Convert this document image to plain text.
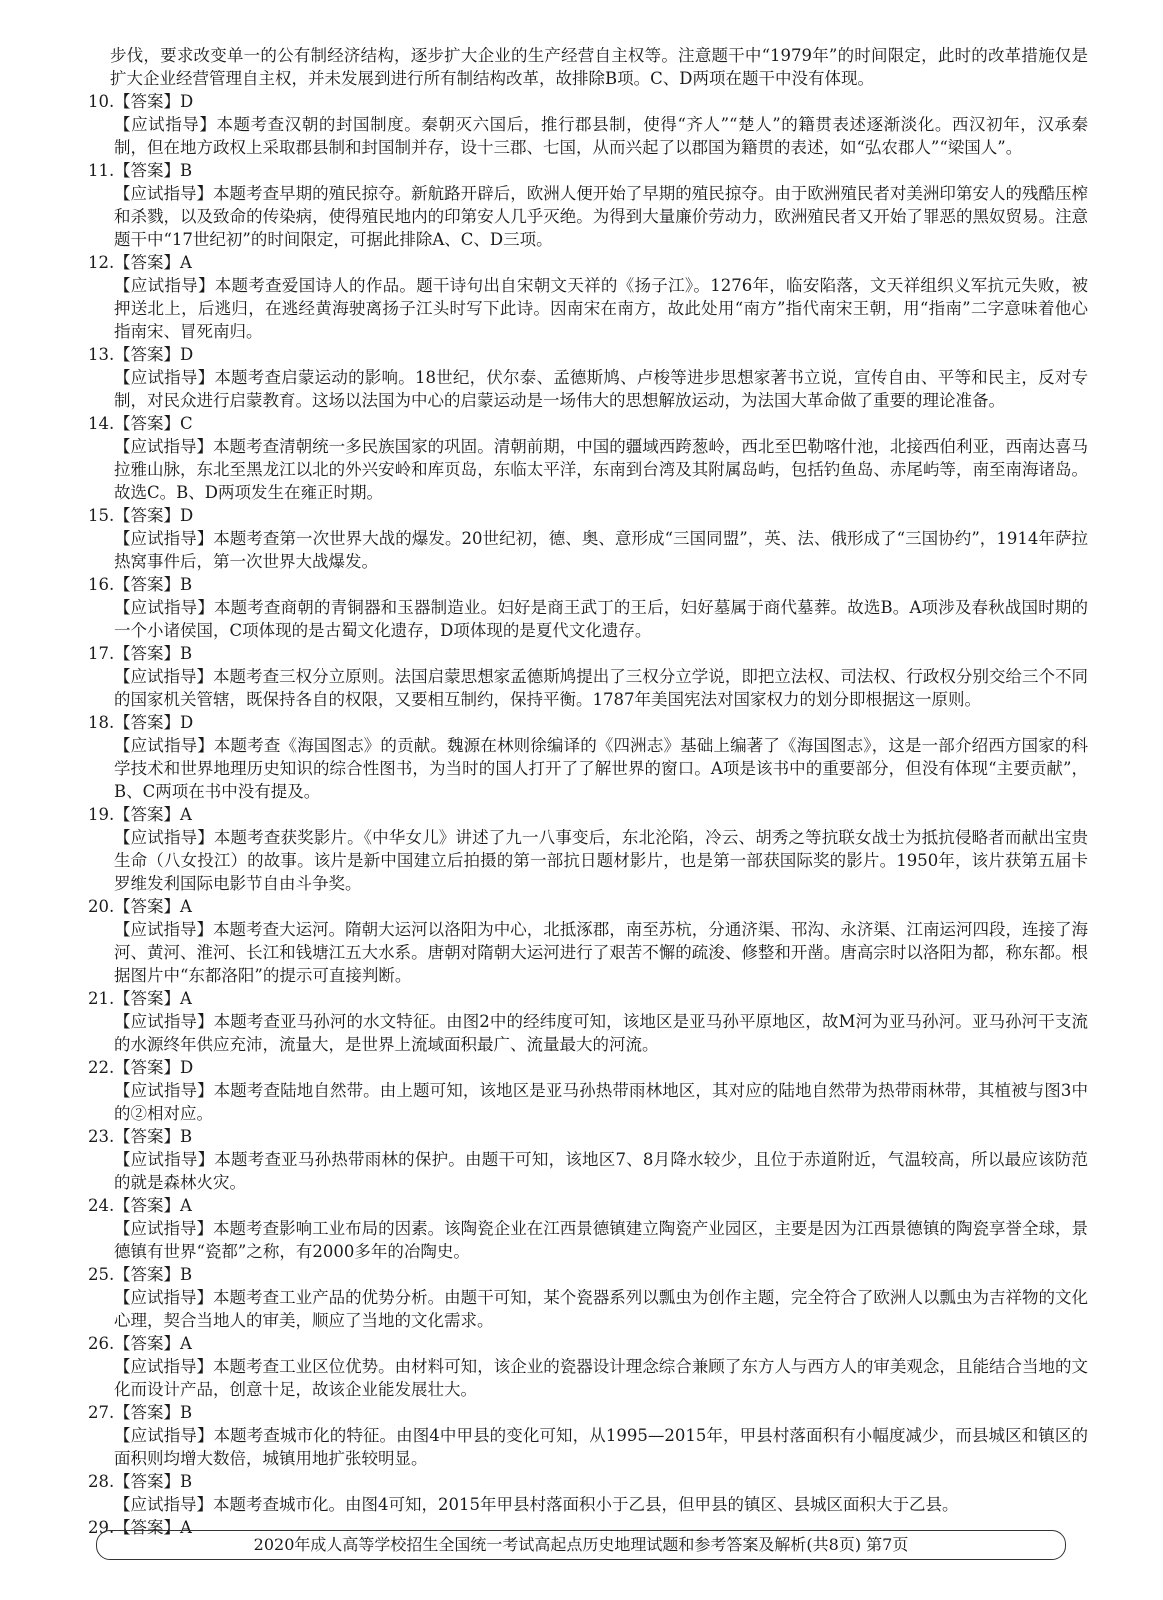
步伐，要求改变单一的公有制经济结构，逐步扩大企业的生产经营自主权等。注意题干中“1979年”的时间限定，此时的改革措施仅是扩大企业经营管理自主权，并未发展到进行所有制结构改革，故排除B项。C、D两项在题干中没有体现。

10.【答案】D

【应试指导】本题考查汉朝的封国制度。秦朝灭六国后，推行郡县制，使得“齐人”“楚人”的籍贯表述逐渐淡化。西汉初年，汉承秦制，但在地方政权上采取郡县制和封国制并存，设十三郡、七国，从而兴起了以郡国为籍贯的表述，如“弘农郡人”“梁国人”。

11.【答案】B

【应试指导】本题考查早期的殖民掠夺。新航路开辟后，欧洲人便开始了早期的殖民掠夺。由于欧洲殖民者对美洲印第安人的残酷压榨和杀戮，以及致命的传染病，使得殖民地内的印第安人几乎灭绝。为得到大量廉价劳动力，欧洲殖民者又开始了罪恶的黑奴贸易。注意题干中“17世纪初”的时间限定，可据此排除A、C、D三项。

12.【答案】A

【应试指导】本题考查爱国诗人的作品。题干诗句出自宋朝文天祥的《扬子江》。1276年，临安陷落，文天祥组织义军抗元失败，被押送北上，后逃归，在逃经黄海驶离扬子江头时写下此诗。因南宋在南方，故此处用“南方”指代南宋王朝，用“指南”二字意味着他心指南宋、冒死南归。

13.【答案】D

【应试指导】本题考查启蒙运动的影响。18世纪，伏尔泰、孟德斯鸠、卢梭等进步思想家著书立说，宣传自由、平等和民主，反对专制，对民众进行启蒙教育。这场以法国为中心的启蒙运动是一场伟大的思想解放运动，为法国大革命做了重要的理论准备。

14.【答案】C

【应试指导】本题考查清朝统一多民族国家的巩固。清朝前期，中国的疆域西跨葱岭，西北至巴勒喀什池，北接西伯利亚，西南达喜马拉雅山脉，东北至黑龙江以北的外兴安岭和库页岛，东临太平洋，东南到台湾及其附属岛屿，包括钓鱼岛、赤尾屿等，南至南海诸岛。故选C。B、D两项发生在雍正时期。

15.【答案】D

【应试指导】本题考查第一次世界大战的爆发。20世纪初，德、奥、意形成“三国同盟”，英、法、俄形成了“三国协约”，1914年萨拉热窝事件后，第一次世界大战爆发。

16.【答案】B

【应试指导】本题考查商朝的青铜器和玉器制造业。妇好是商王武丁的王后，妇好墓属于商代墓葬。故选B。A项涉及春秋战国时期的一个小诸侯国，C项体现的是古蜀文化遗存，D项体现的是夏代文化遗存。

17.【答案】B

【应试指导】本题考查三权分立原则。法国启蒙思想家孟德斯鸠提出了三权分立学说，即把立法权、司法权、行政权分别交给三个不同的国家机关管辖，既保持各自的权限，又要相互制约，保持平衡。1787年美国宪法对国家权力的划分即根据这一原则。

18.【答案】D

【应试指导】本题考查《海国图志》的贡献。魏源在林则徐编译的《四洲志》基础上编著了《海国图志》，这是一部介绍西方国家的科学技术和世界地理历史知识的综合性图书，为当时的国人打开了了解世界的窗口。A项是该书中的重要部分，但没有体现“主要贡献”，B、C两项在书中没有提及。

19.【答案】A

【应试指导】本题考查获奖影片。《中华女儿》讲述了九一八事变后，东北沦陷，冷云、胡秀之等抗联女战士为抵抗侵略者而献出宝贵生命（八女投江）的故事。该片是新中国建立后拍摄的第一部抗日题材影片，也是第一部获国际奖的影片。1950年，该片获第五届卡罗维发利国际电影节自由斗争奖。

20.【答案】A

【应试指导】本题考查大运河。隋朝大运河以洛阳为中心，北抵涿郡，南至苏杭，分通济渠、邗沟、永济渠、江南运河四段，连接了海河、黄河、淮河、长江和钱塘江五大水系。唐朝对隋朝大运河进行了艰苦不懈的疏浚、修整和开凿。唐高宗时以洛阳为都，称东都。根据图片中“东都洛阳”的提示可直接判断。

21.【答案】A

【应试指导】本题考查亚马孙河的水文特征。由图2中的经纬度可知，该地区是亚马孙平原地区，故M河为亚马孙河。亚马孙河干支流的水源终年供应充沛，流量大，是世界上流域面积最广、流量最大的河流。

22.【答案】D

【应试指导】本题考查陆地自然带。由上题可知，该地区是亚马孙热带雨林地区，其对应的陆地自然带为热带雨林带，其植被与图3中的②相对应。

23.【答案】B

【应试指导】本题考查亚马孙热带雨林的保护。由题干可知，该地区7、8月降水较少，且位于赤道附近，气温较高，所以最应该防范的就是森林火灾。

24.【答案】A

【应试指导】本题考查影响工业布局的因素。该陶瓷企业在江西景德镇建立陶瓷产业园区，主要是因为江西景德镇的陶瓷享誉全球，景德镇有世界“瓷都”之称，有2000多年的冶陶史。

25.【答案】B

【应试指导】本题考查工业产品的优势分析。由题干可知，某个瓷器系列以瓢虫为创作主题，完全符合了欧洲人以瓢虫为吉祥物的文化心理，契合当地人的审美，顺应了当地的文化需求。

26.【答案】A

【应试指导】本题考查工业区位优势。由材料可知，该企业的瓷器设计理念综合兼顾了东方人与西方人的审美观念，且能结合当地的文化而设计产品，创意十足，故该企业能发展壮大。

27.【答案】B

【应试指导】本题考查城市化的特征。由图4中甲县的变化可知，从1995—2015年，甲县村落面积有小幅度减少，而县城区和镇区的面积则均增大数倍，城镇用地扩张较明显。

28.【答案】B

【应试指导】本题考查城市化。由图4可知，2015年甲县村落面积小于乙县，但甲县的镇区、县城区面积大于乙县。

29.【答案】A

2020年成人高等学校招生全国统一考试高起点历史地理试题和参考答案及解析(共8页) 第7页
